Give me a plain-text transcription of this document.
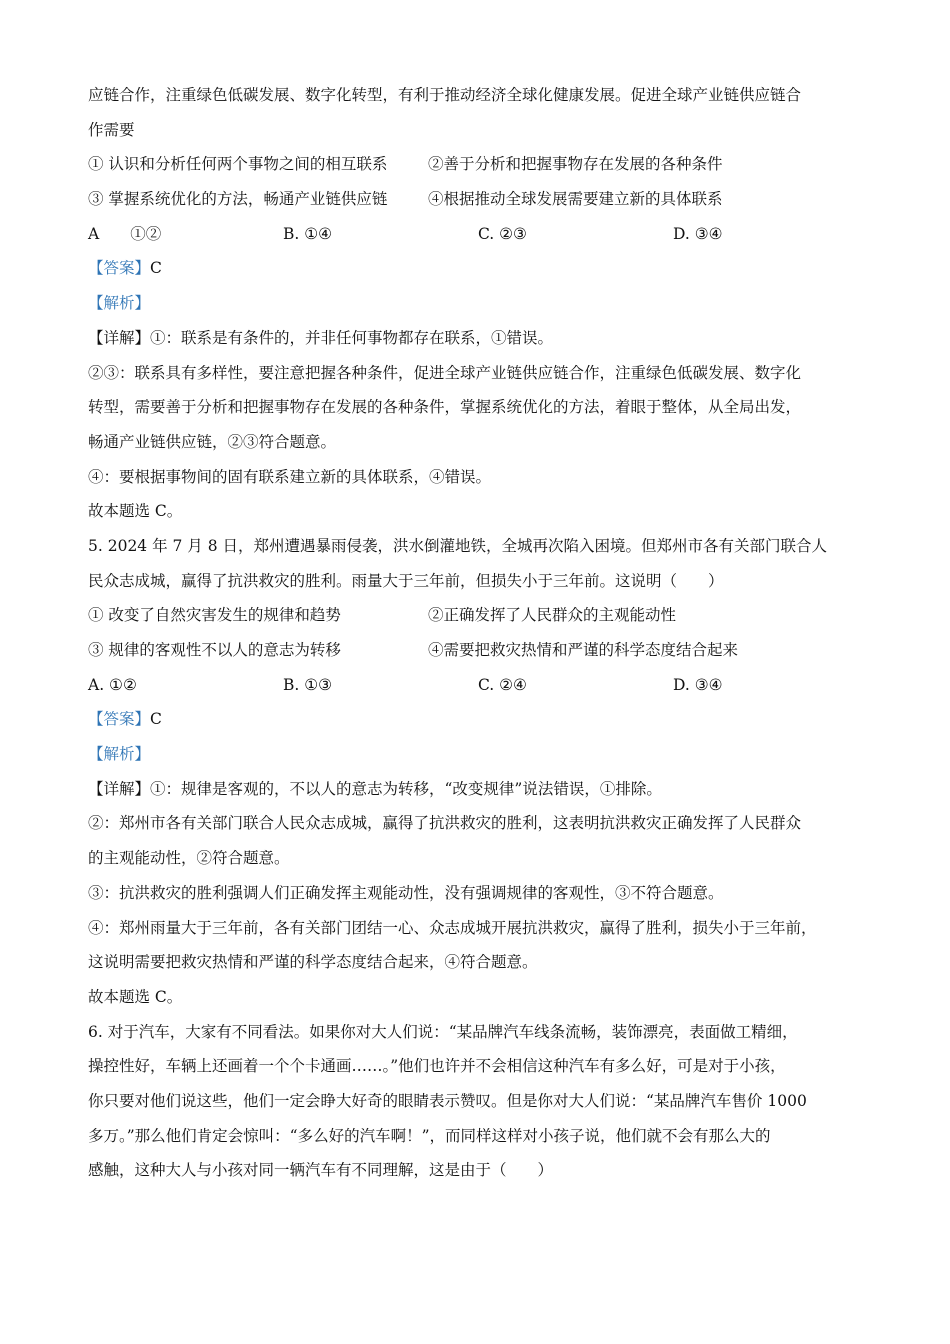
应链合作，注重绿色低碳发展、数字化转型，有利于推动经济全球化健康发展。促进全球产业链供应链合
作需要
① 认识和分析任何两个事物之间的相互联系	②善于分析和把握事物存在发展的各种条件
③ 掌握系统优化的方法，畅通产业链供应链	④根据推动全球发展需要建立新的具体联系
A　　①②	B. ①④	C. ②③	D. ③④
【答案】C
【解析】
【详解】①：联系是有条件的，并非任何事物都存在联系，①错误。
②③：联系具有多样性，要注意把握各种条件，促进全球产业链供应链合作，注重绿色低碳发展、数字化
转型，需要善于分析和把握事物存在发展的各种条件，掌握系统优化的方法，着眼于整体，从全局出发，
畅通产业链供应链，②③符合题意。
④：要根据事物间的固有联系建立新的具体联系，④错误。
故本题选 C。
5. 2024 年 7 月 8 日，郑州遭遇暴雨侵袭，洪水倒灌地铁，全城再次陷入困境。但郑州市各有关部门联合人
民众志成城，赢得了抗洪救灾的胜利。雨量大于三年前，但损失小于三年前。这说明（　　）
① 改变了自然灾害发生的规律和趋势	②正确发挥了人民群众的主观能动性
③ 规律的客观性不以人的意志为转移	④需要把救灾热情和严谨的科学态度结合起来
A. ①②	B. ①③	C. ②④	D. ③④
【答案】C
【解析】
【详解】①：规律是客观的，不以人的意志为转移，“改变规律”说法错误，①排除。
②：郑州市各有关部门联合人民众志成城，赢得了抗洪救灾的胜利，这表明抗洪救灾正确发挥了人民群众
的主观能动性，②符合题意。
③：抗洪救灾的胜利强调人们正确发挥主观能动性，没有强调规律的客观性，③不符合题意。
④：郑州雨量大于三年前，各有关部门团结一心、众志成城开展抗洪救灾，赢得了胜利，损失小于三年前，
这说明需要把救灾热情和严谨的科学态度结合起来，④符合题意。
故本题选 C。
6. 对于汽车，大家有不同看法。如果你对大人们说：“某品牌汽车线条流畅，装饰漂亮，表面做工精细，
操控性好，车辆上还画着一个个卡通画……。”他们也许并不会相信这种汽车有多么好，可是对于小孩，
你只要对他们说这些，他们一定会睁大好奇的眼睛表示赞叹。但是你对大人们说：“某品牌汽车售价 1000
多万。”那么他们肯定会惊叫：“多么好的汽车啊！”，而同样这样对小孩子说，他们就不会有那么大的
感触，这种大人与小孩对同一辆汽车有不同理解，这是由于（　　）
